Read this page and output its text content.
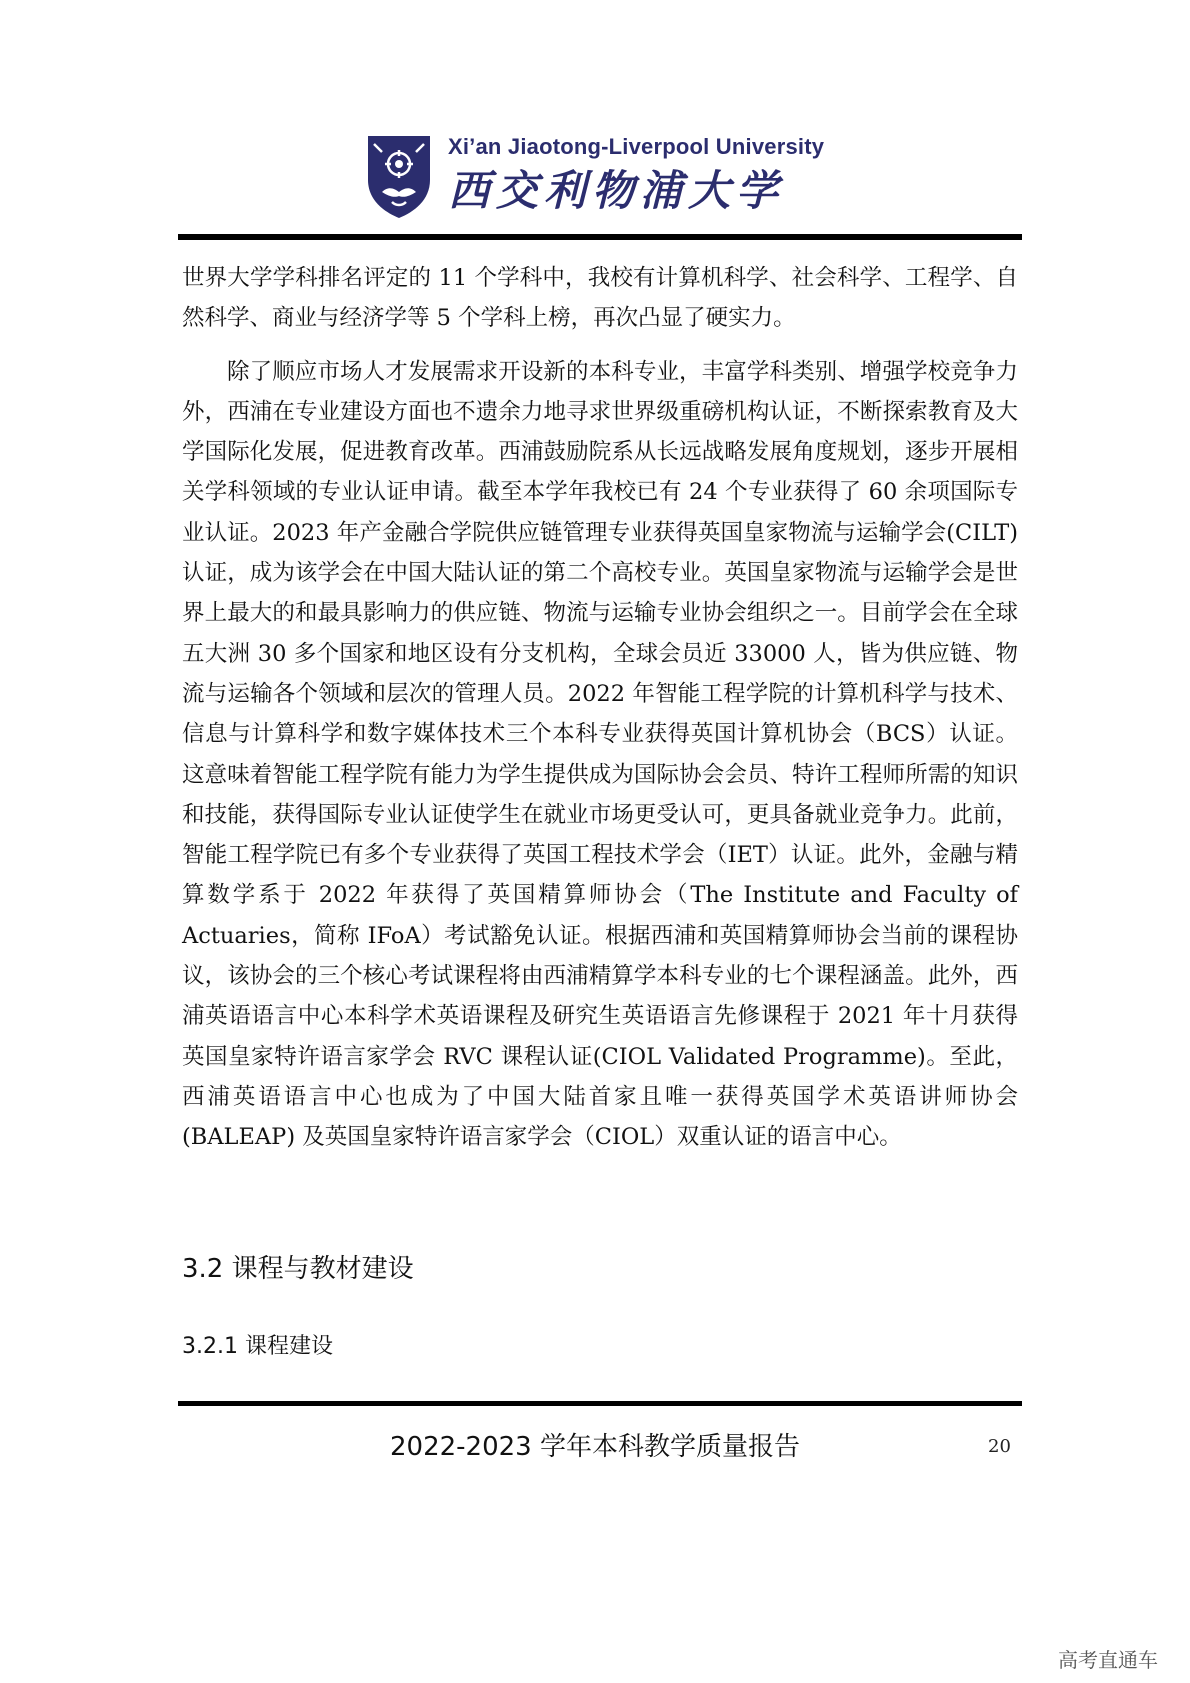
Xi’an Jiaotong-Liverpool University
西交利物浦大学

世界大学学科排名评定的 11 个学科中，我校有计算机科学、社会科学、工程学、自然科学、商业与经济学等 5 个学科上榜，再次凸显了硬实力。

除了顺应市场人才发展需求开设新的本科专业，丰富学科类别、增强学校竞争力外，西浦在专业建设方面也不遗余力地寻求世界级重磅机构认证，不断探索教育及大学国际化发展，促进教育改革。西浦鼓励院系从长远战略发展角度规划，逐步开展相关学科领域的专业认证申请。截至本学年我校已有 24 个专业获得了 60 余项国际专业认证。2023 年产金融合学院供应链管理专业获得英国皇家物流与运输学会(CILT)认证，成为该学会在中国大陆认证的第二个高校专业。英国皇家物流与运输学会是世界上最大的和最具影响力的供应链、物流与运输专业协会组织之一。目前学会在全球五大洲 30 多个国家和地区设有分支机构，全球会员近 33000 人，皆为供应链、物流与运输各个领域和层次的管理人员。2022 年智能工程学院的计算机科学与技术、信息与计算科学和数字媒体技术三个本科专业获得英国计算机协会（BCS）认证。这意味着智能工程学院有能力为学生提供成为国际协会会员、特许工程师所需的知识和技能，获得国际专业认证使学生在就业市场更受认可，更具备就业竞争力。此前，智能工程学院已有多个专业获得了英国工程技术学会（IET）认证。此外，金融与精算数学系于 2022 年获得了英国精算师协会（The Institute and Faculty of Actuaries，简称 IFoA）考试豁免认证。根据西浦和英国精算师协会当前的课程协议，该协会的三个核心考试课程将由西浦精算学本科专业的七个课程涵盖。此外，西浦英语语言中心本科学术英语课程及研究生英语语言先修课程于 2021 年十月获得英国皇家特许语言家学会 RVC 课程认证(CIOL Validated Programme)。至此，西浦英语语言中心也成为了中国大陆首家且唯一获得英国学术英语讲师协会(BALEAP) 及英国皇家特许语言家学会（CIOL）双重认证的语言中心。

3.2 课程与教材建设
3.2.1 课程建设
2022-2023 学年本科教学质量报告	20
高考直通车
